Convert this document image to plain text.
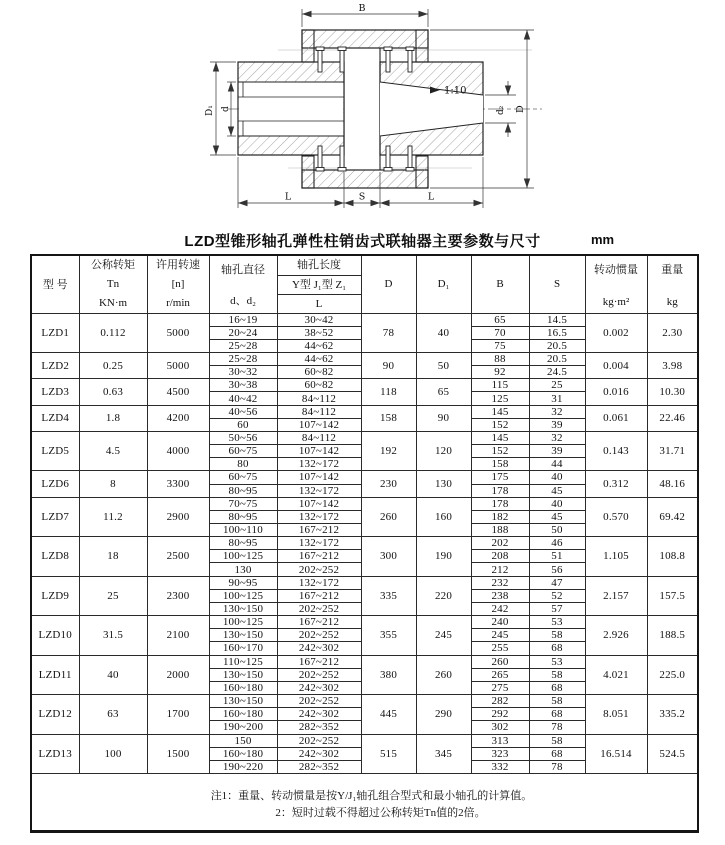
1:10
B
D
d₂
D₁ d
L	S	L
LZD型锥形轴孔弹性柱销齿式联轴器主要参数与尺寸	mm
型 号

公称转矩
Tn
KN·m

许用转速
[n]
r/min

轴孔直径
d、d₂

轴孔长度
Y型 J₁型 Z₁
L

D	D₁	B	S

转动惯量
kg·m²

重量
kg

LZD1	0.112	5000	16~19	30~42	78	40	65	14.5	0.002	2.30
			20~24	38~52			70	16.5		
			25~28	44~62			75	20.5		
LZD2	0.25	5000	25~28	44~62	90	50	88	20.5	0.004	3.98
			30~32	60~82			92	24.5		
LZD3	0.63	4500	30~38	60~82	118	65	115	25	0.016	10.30
			40~42	84~112			125	31		
LZD4	1.8	4200	40~56	84~112	158	90	145	32	0.061	22.46
			60	107~142			152	39		
LZD5	4.5	4000	50~56	84~112	192	120	145	32	0.143	31.71
			60~75	107~142			152	39		
			80	132~172			158	44		
LZD6	8	3300	60~75	107~142	230	130	175	40	0.312	48.16
			80~95	132~172			178	45		
LZD7	11.2	2900	70~75	107~142	260	160	178	40	0.570	69.42
			80~95	132~172			182	45		
			100~110	167~212			188	50		
LZD8	18	2500	80~95	132~172	300	190	202	46	1.105	108.8
			100~125	167~212			208	51		
			130	202~252			212	56		
LZD9	25	2300	90~95	132~172	335	220	232	47	2.157	157.5
			100~125	167~212			238	52		
			130~150	202~252			242	57		
LZD10	31.5	2100	100~125	167~212	355	245	240	53	2.926	188.5
			130~150	202~252			245	58		
			160~170	242~302			255	68		
LZD11	40	2000	110~125	167~212	380	260	260	53	4.021	225.0
			130~150	202~252			265	58		
			160~180	242~302			275	68		
LZD12	63	1700	130~150	202~252	445	290	282	58	8.051	335.2
			160~180	242~302			292	68		
			190~200	282~352			302	78		
LZD13	100	1500	150	202~252	515	345	313	58	16.514	524.5
			160~180	242~302			323	68		
			190~220	282~352			332	78		

注1：重量、转动惯量是按Y/J₁轴孔组合型式和最小轴孔的计算值。
2：短时过载不得超过公称转矩Tn值的2倍。										
